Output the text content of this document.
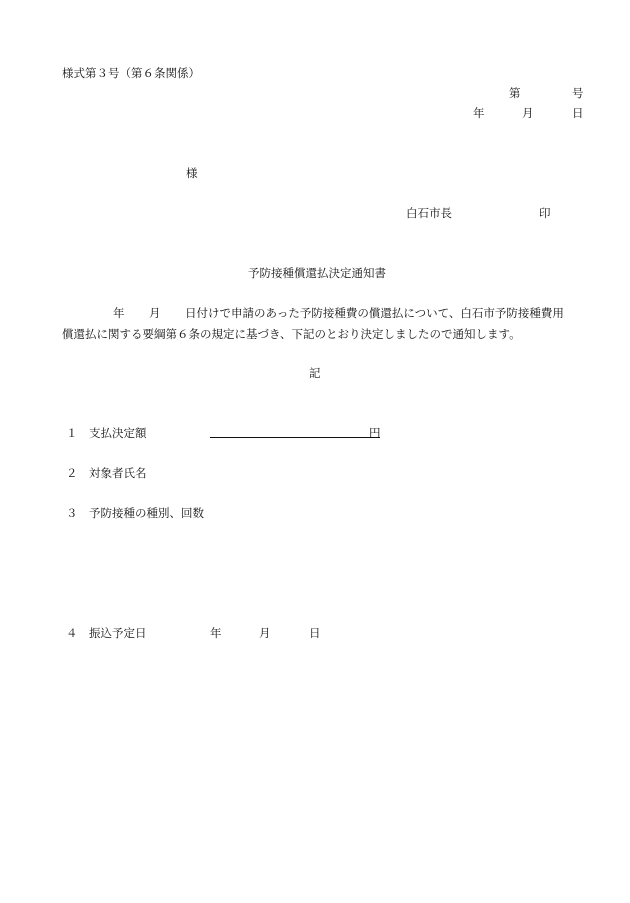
様式第３号（第６条関係）
第	号
年	月	日
様
白石市長	印
予防接種償還払決定通知書
年 月 日付けで申請のあった予防接種費の償還払について、白石市予防接種費用
償還払に関する要綱第６条の規定に基づき、下記のとおり決定しましたので通知します。
記
１ 支払決定額	円
２ 対象者氏名
３ 予防接種の種別、回数
４ 振込予定日	年	月	日
